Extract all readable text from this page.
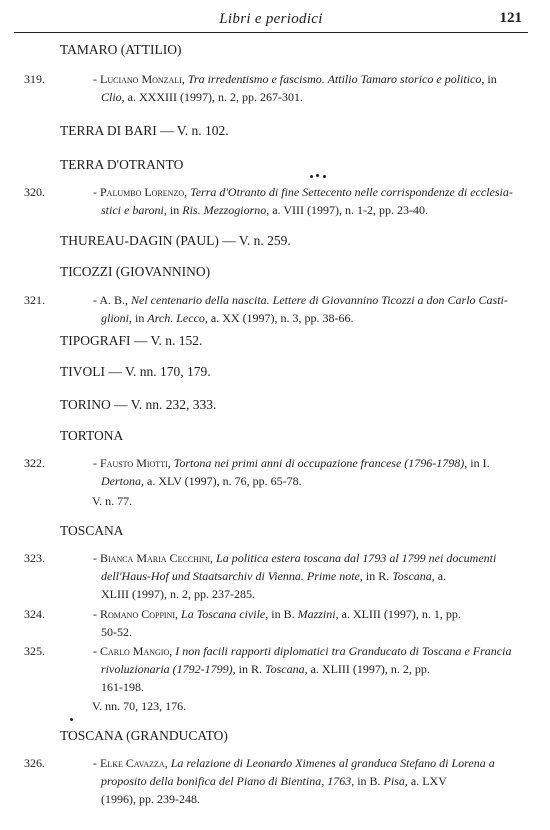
Libri e periodici	121
TAMARO (ATTILIO)
319.	- Luciano Monzali, Tra irredentismo e fascismo. Attilio Tamaro storico e politico, in
Clio, a. XXXIII (1997), n. 2, pp. 267-301.
TERRA DI BARI — V. n. 102.
TERRA D'OTRANTO
320.	- Palumbo Lorenzo, Terra d'Otranto di fine Settecento nelle corrispondenze di ecclesia-
stici e baroni, in Ris. Mezzogiorno, a. VIII (1997), n. 1-2, pp. 23-40.
THUREAU-DAGIN (PAUL) — V. n. 259.
TICOZZI (GIOVANNINO)
321.	- A. B., Nel centenario della nascita. Lettere di Giovannino Ticozzi a don Carlo Casti-
glioni, in Arch. Lecco, a. XX (1997), n. 3, pp. 38-66.
TIPOGRAFI — V. n. 152.
TIVOLI — V. nn. 170, 179.
TORINO — V. nn. 232, 333.
TORTONA
322.	- Fausto Miotti, Tortona nei primi anni di occupazione francese (1796-1798), in I.
Dertona, a. XLV (1997), n. 76, pp. 65-78.
V. n. 77.
TOSCANA
323.	- Bianca Maria Cecchini, La politica estera toscana dal 1793 al 1799 nei documenti
dell'Haus-Hof und Staatsarchiv di Vienna. Prime note, in R. Toscana, a.
XLIII (1997), n. 2, pp. 237-285.
324.	- Romano Coppini, La Toscana civile, in B. Mazzini, a. XLIII (1997), n. 1, pp.
50-52.
325.	- Carlo Mangio, I non facili rapporti diplomatici tra Granducato di Toscana e Francia
rivoluzionaria (1792-1799), in R. Toscana, a. XLIII (1997), n. 2, pp.
161-198.
V. nn. 70, 123, 176.
TOSCANA (GRANDUCATO)
326.	- Elke Cavazza, La relazione di Leonardo Ximenes al granduca Stefano di Lorena a
proposito della bonifica del Piano di Bientina, 1763, in B. Pisa, a. LXV
(1996), pp. 239-248.
